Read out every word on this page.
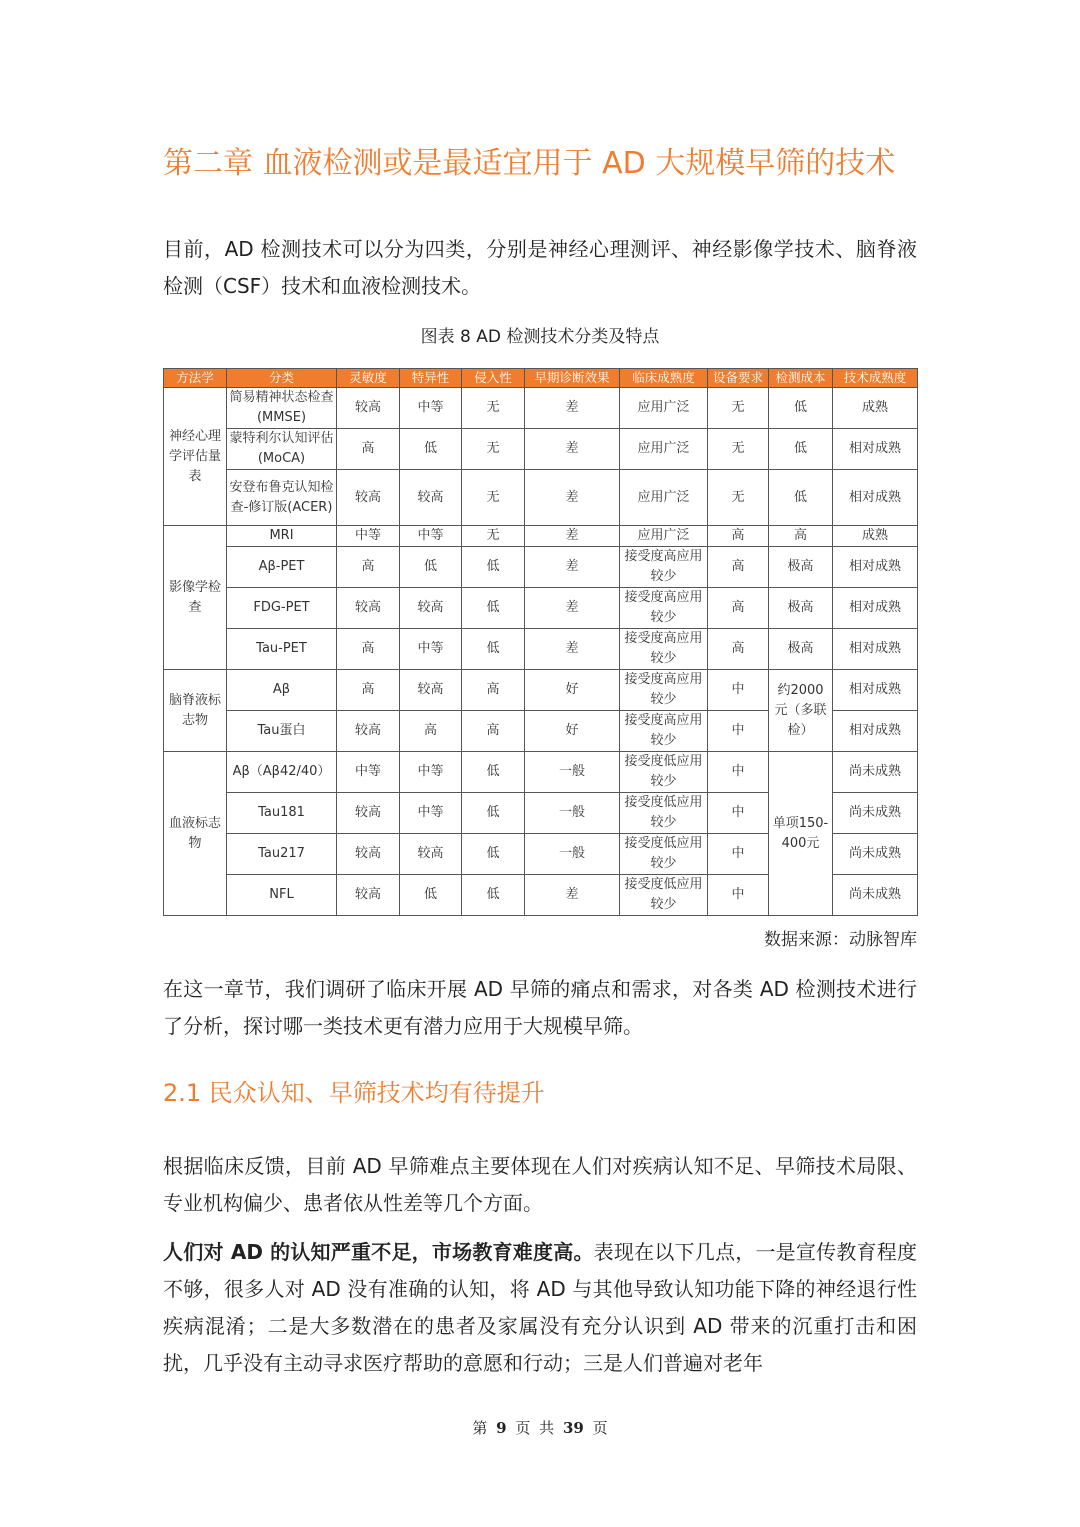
第二章 血液检测或是最适宜用于 AD 大规模早筛的技术
目前，AD 检测技术可以分为四类，分别是神经心理测评、神经影像学技术、脑脊液检测（CSF）技术和血液检测技术。
图表 8 AD 检测技术分类及特点
方法学	分类	灵敏度	特异性	侵入性	早期诊断效果	临床成熟度	设备要求	检测成本	技术成熟度
神经心理学评估量表	简易精神状态检查(MMSE)	较高	中等	无	差	应用广泛	无	低	成熟
	蒙特利尔认知评估(MoCA)	高	低	无	差	应用广泛	无	低	相对成熟
	安登布鲁克认知检查-修订版(ACER)	较高	较高	无	差	应用广泛	无	低	相对成熟
影像学检查	MRI	中等	中等	无	差	应用广泛	高	高	成熟
	Aβ-PET	高	低	低	差	接受度高应用较少	高	极高	相对成熟
	FDG-PET	较高	较高	低	差	接受度高应用较少	高	极高	相对成熟
	Tau-PET	高	中等	低	差	接受度高应用较少	高	极高	相对成熟
脑脊液标志物	Aβ	高	较高	高	好	接受度高应用较少	中	约2000元（多联检）	相对成熟
	Tau蛋白	较高	高	高	好	接受度高应用较少	中		相对成熟
血液标志物	Aβ（Aβ42/40）	中等	中等	低	一般	接受度低应用较少	中	单项150-400元	尚未成熟
	Tau181	较高	中等	低	一般	接受度低应用较少	中		尚未成熟
	Tau217	较高	较高	低	一般	接受度低应用较少	中		尚未成熟
	NFL	较高	低	低	差	接受度低应用较少	中		尚未成熟
数据来源：动脉智库
在这一章节，我们调研了临床开展 AD 早筛的痛点和需求，对各类 AD 检测技术进行了分析，探讨哪一类技术更有潜力应用于大规模早筛。
2.1 民众认知、早筛技术均有待提升
根据临床反馈，目前 AD 早筛难点主要体现在人们对疾病认知不足、早筛技术局限、专业机构偏少、患者依从性差等几个方面。
人们对 AD 的认知严重不足，市场教育难度高。表现在以下几点，一是宣传教育程度不够，很多人对 AD 没有准确的认知，将 AD 与其他导致认知功能下降的神经退行性疾病混淆；二是大多数潜在的患者及家属没有充分认识到 AD 带来的沉重打击和困扰，几乎没有主动寻求医疗帮助的意愿和行动；三是人们普遍对老年
第 9 页 共 39 页
